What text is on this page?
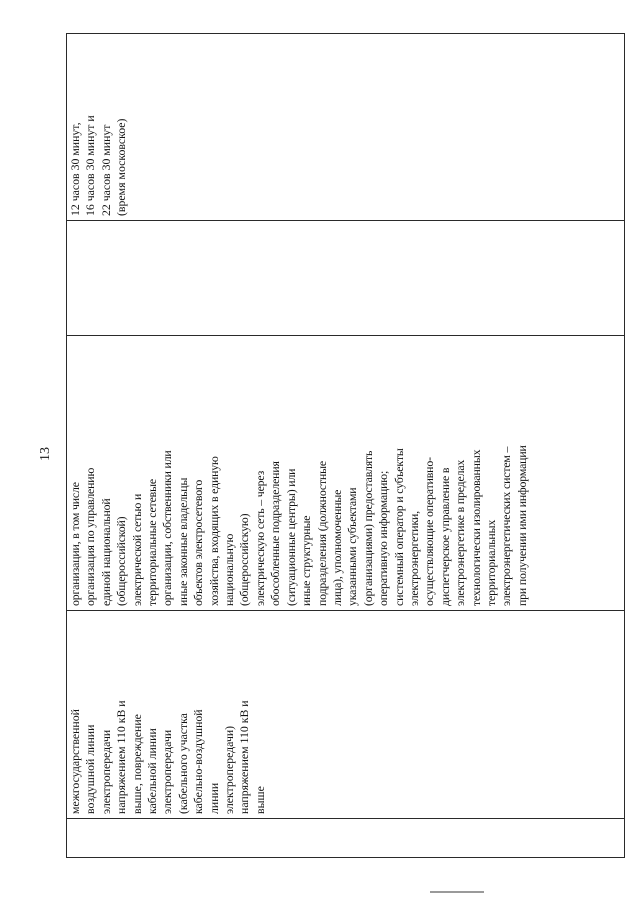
13
межгосударственной воздушной линии электропередачи напряжением 110 кВ и выше, повреждение кабельной линии электропередачи (кабельного участка кабельно-воздушной линии электропередачи) напряжением 110 кВ и выше
организации, в том числе организация по управлению единой национальной (общероссийской) электрической сетью и территориальные сетевые организации, собственники или иные законные владельцы объектов электросетевого хозяйства, входящих в единую национальную (общероссийскую) электрическую сеть – через обособленные подразделения (ситуационные центры) или иные структурные подразделения (должностные лица), уполномоченные указанными субъектами (организациями) предоставлять оперативную информацию; системный оператор и субъекты электроэнергетики, осуществляющие оперативно- диспетчерское управление в электроэнергетике в пределах технологически изолированных территориальных электроэнергетических систем – при получении ими информации
12 часов 30 минут, 16 часов 30 минут и 22 часов 30 минут (время московское)
